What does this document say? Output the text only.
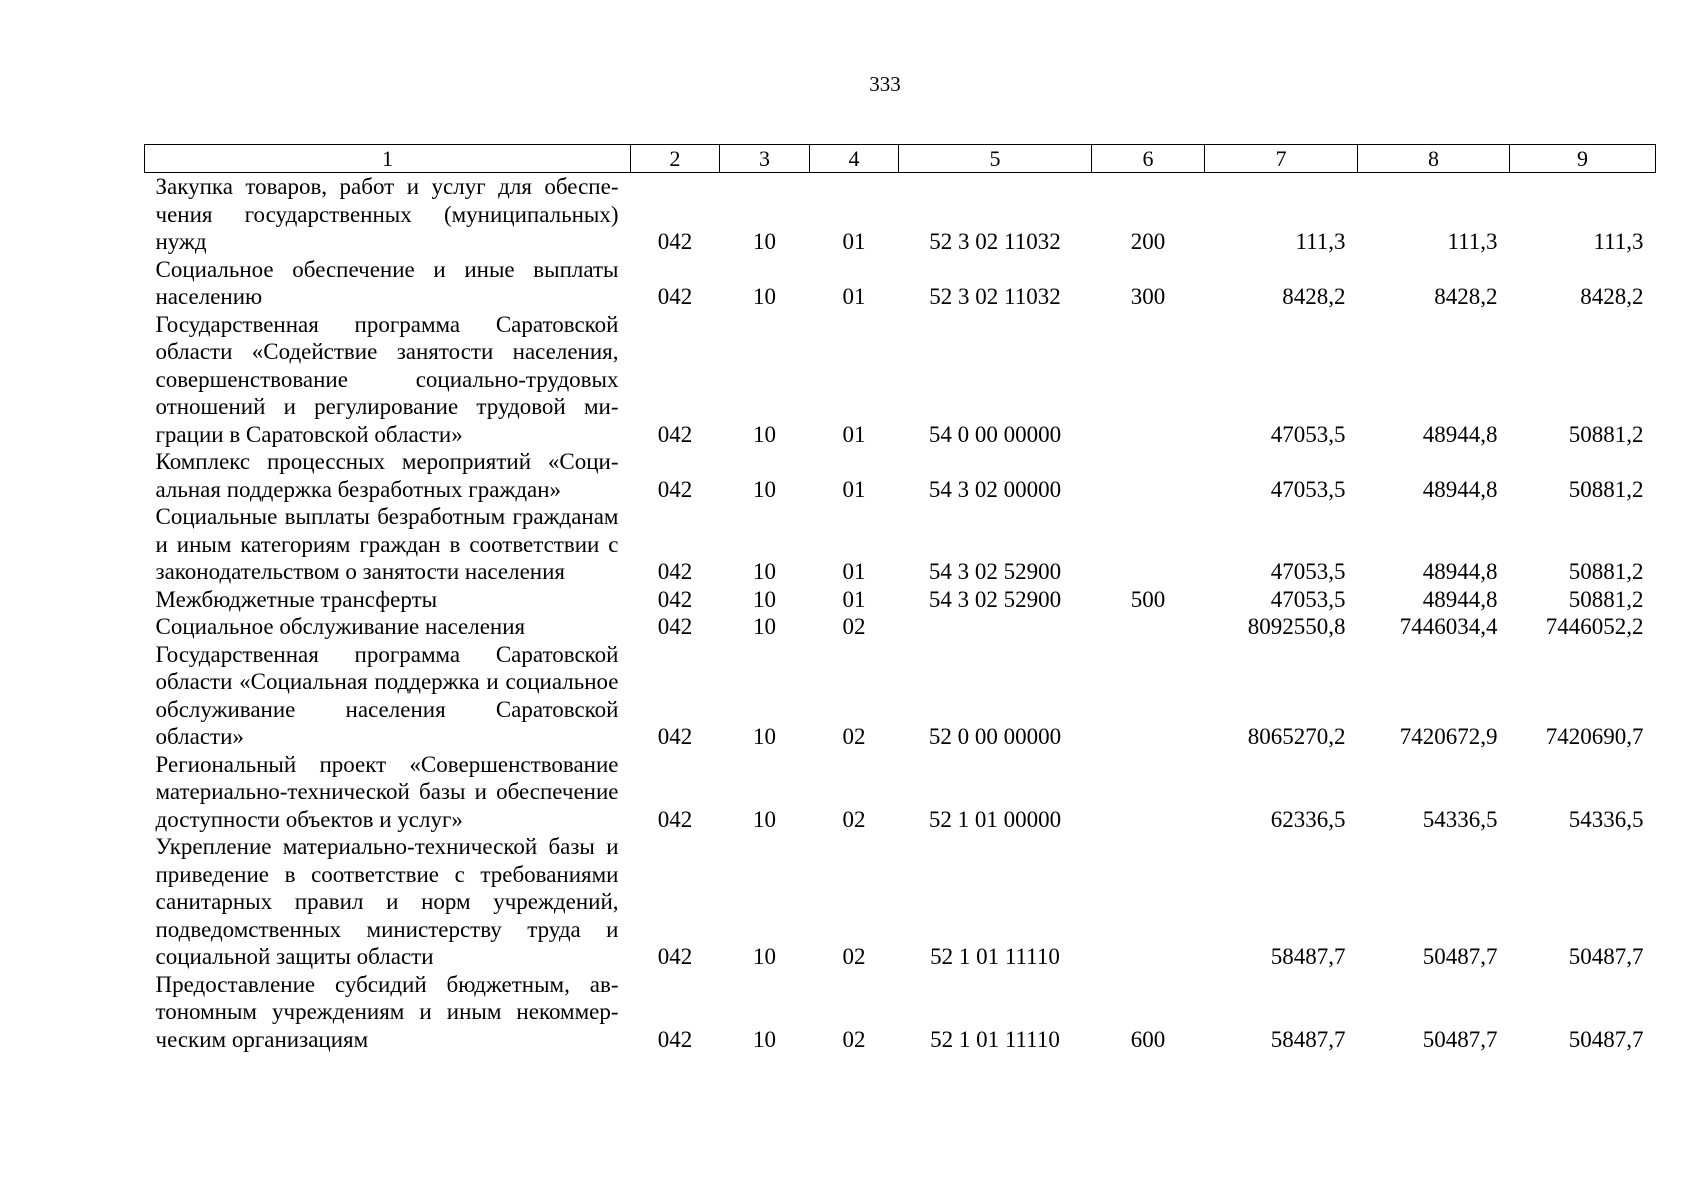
333
1	2	3	4	5	6	7	8	9
Закупка товаров, работ и услуг для обеспечения государственных (муниципальных) нужд	042	10	01	52 3 02 11032	200	111,3	111,3	111,3
Социальное обеспечение и иные выплаты населению	042	10	01	52 3 02 11032	300	8428,2	8428,2	8428,2
Государственная программа Саратовской области «Содействие занятости населения, совершенствование социально-трудовых отношений и регулирование трудовой миграции в Саратовской области»	042	10	01	54 0 00 00000		47053,5	48944,8	50881,2
Комплекс процессных мероприятий «Социальная поддержка безработных граждан»	042	10	01	54 3 02 00000		47053,5	48944,8	50881,2
Социальные выплаты безработным гражданам и иным категориям граждан в соответствии с законодательством о занятости населения	042	10	01	54 3 02 52900		47053,5	48944,8	50881,2
Межбюджетные трансферты	042	10	01	54 3 02 52900	500	47053,5	48944,8	50881,2
Социальное обслуживание населения	042	10	02			8092550,8	7446034,4	7446052,2
Государственная программа Саратовской области «Социальная поддержка и социальное обслуживание населения Саратовской области»	042	10	02	52 0 00 00000		8065270,2	7420672,9	7420690,7
Региональный проект «Совершенствование материально-технической базы и обеспечение доступности объектов и услуг»	042	10	02	52 1 01 00000		62336,5	54336,5	54336,5
Укрепление материально-технической базы и приведение в соответствие с требованиями санитарных правил и норм учреждений, подведомственных министерству труда и социальной защиты области	042	10	02	52 1 01 11110		58487,7	50487,7	50487,7
Предоставление субсидий бюджетным, автономным учреждениям и иным некоммерческим организациям	042	10	02	52 1 01 11110	600	58487,7	50487,7	50487,7
